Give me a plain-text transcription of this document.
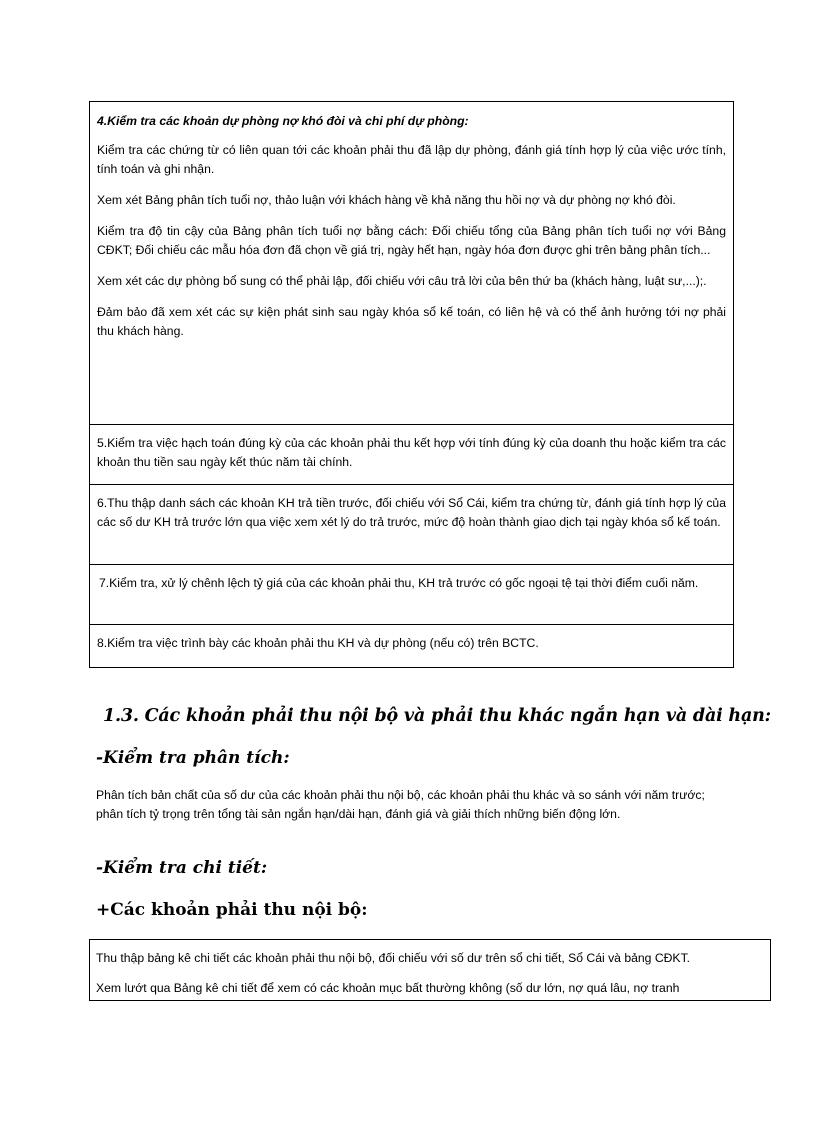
4.Kiểm tra các khoản dự phòng nợ khó đòi và chi phí dự phòng:

Kiểm tra các chứng từ có liên quan tới các khoản phải thu đã lập dự phòng, đánh giá tính hợp lý của việc ước tính, tính toán và ghi nhận.

Xem xét Bảng phân tích tuổi nợ, thảo luận với khách hàng về khả năng thu hồi nợ và dự phòng nợ khó đòi.

Kiểm tra độ tin cậy của Bảng phân tích tuổi nợ bằng cách: Đối chiếu tổng của Bảng phân tích tuổi nợ với Bảng CĐKT; Đối chiếu các mẫu hóa đơn đã chọn về giá trị, ngày hết hạn, ngày hóa đơn được ghi trên bảng phân tích...

Xem xét các dự phòng bổ sung có thể phải lập, đối chiếu với câu trả lời của bên thứ ba (khách hàng, luật sư,...);.

Đảm bảo đã xem xét các sự kiện phát sinh sau ngày khóa sổ kế toán, có liên hệ và có thể ảnh hưởng tới nợ phải thu khách hàng.

5.Kiểm tra việc hạch toán đúng kỳ của các khoản phải thu kết hợp với tính đúng kỳ của doanh thu hoặc kiểm tra các khoản thu tiền sau ngày kết thúc năm tài chính.

6.Thu thập danh sách các khoản KH trả tiền trước, đối chiếu với Sổ Cái, kiểm tra chứng từ, đánh giá tính hợp lý của các số dư KH trả trước lớn qua việc xem xét lý do trả trước, mức độ hoàn thành giao dịch tại ngày khóa sổ kế toán.

7.Kiểm tra, xử lý chênh lệch tỷ giá của các khoản phải thu, KH trả trước có gốc ngoại tệ tại thời điểm cuối năm.

8.Kiểm tra việc trình bày các khoản phải thu KH và dự phòng (nếu có) trên BCTC.

1.3. Các khoản phải thu nội bộ và phải thu khác ngắn hạn và dài hạn:
-Kiểm tra phân tích:

Phân tích bản chất của số dư của các khoản phải thu nội bộ, các khoản phải thu khác và so sánh với năm trước; phân tích tỷ trọng trên tổng tài sản ngắn hạn/dài hạn, đánh giá và giải thích những biến động lớn.

-Kiểm tra chi tiết:
+Các khoản phải thu nội bộ:

Thu thập bảng kê chi tiết các khoản phải thu nội bộ, đối chiếu với số dư trên sổ chi tiết, Sổ Cái và bảng CĐKT.

Xem lướt qua Bảng kê chi tiết để xem có các khoản mục bất thường không (số dư lớn, nợ quá lâu, nợ tranh
